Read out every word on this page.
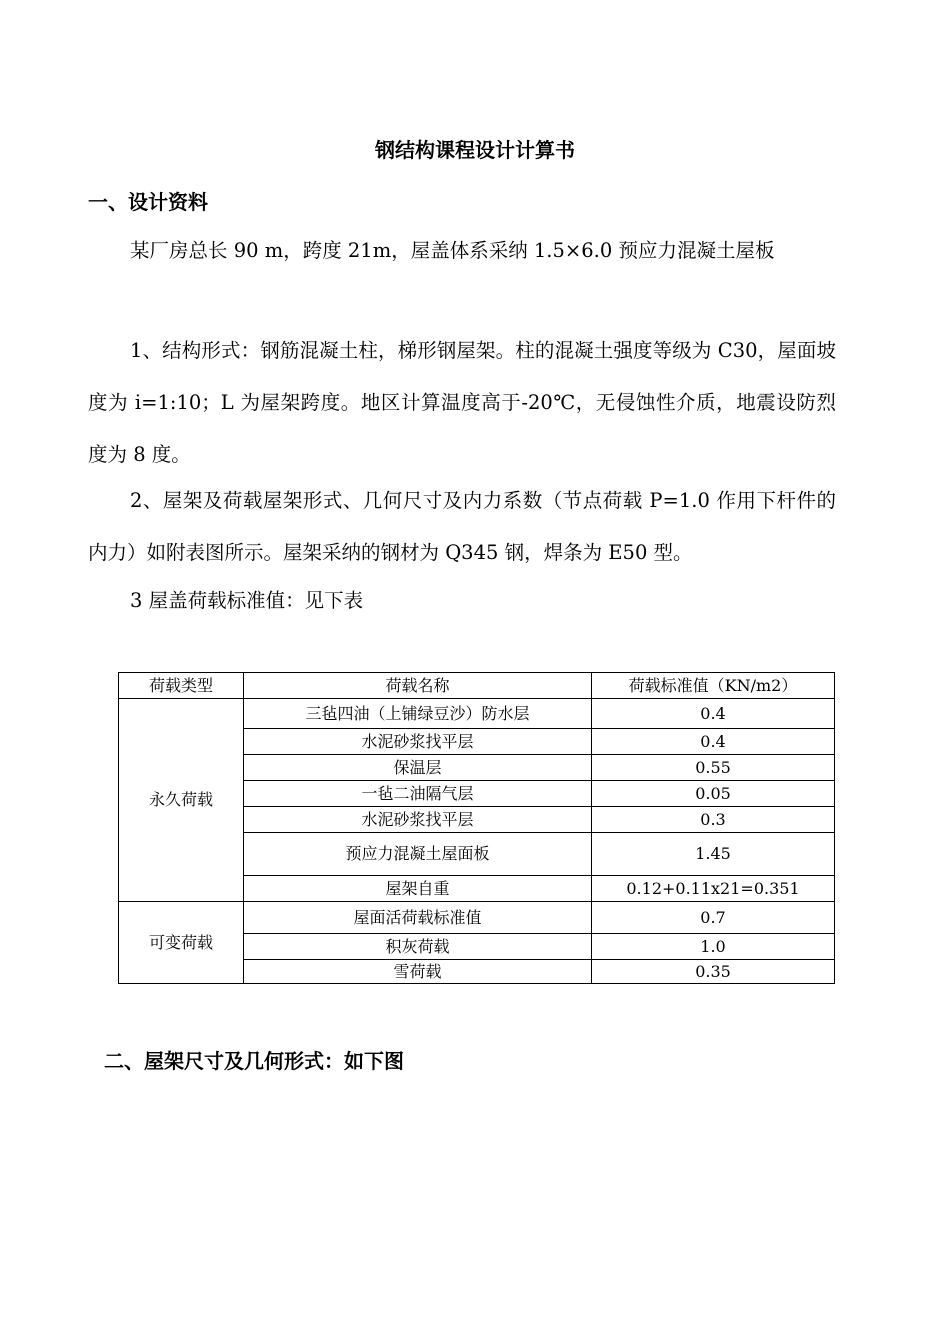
钢结构课程设计计算书
一、设计资料

某厂房总长 90 m，跨度 21m，屋盖体系采纳 1.5×6.0 预应力混凝土屋板

1、结构形式：钢筋混凝土柱，梯形钢屋架。柱的混凝土强度等级为 C30，屋面坡度为 i=1:10；L 为屋架跨度。地区计算温度高于-20℃，无侵蚀性介质，地震设防烈度为 8 度。

2、屋架及荷载屋架形式、几何尺寸及内力系数（节点荷载 P=1.0 作用下杆件的内力）如附表图所示。屋架采纳的钢材为 Q345 钢，焊条为 E50 型。

3 屋盖荷载标准值：见下表

荷载类型	荷载名称	荷载标准值（KN/m2）
永久荷载	三毡四油（上铺绿豆沙）防水层	0.4
	水泥砂浆找平层	0.4
	保温层	0.55
	一毡二油隔气层	0.05
	水泥砂浆找平层	0.3
	预应力混凝土屋面板	1.45
	屋架自重	0.12+0.11x21=0.351
可变荷载	屋面活荷载标准值	0.7
	积灰荷载	1.0
	雪荷载	0.35
二、屋架尺寸及几何形式：如下图
